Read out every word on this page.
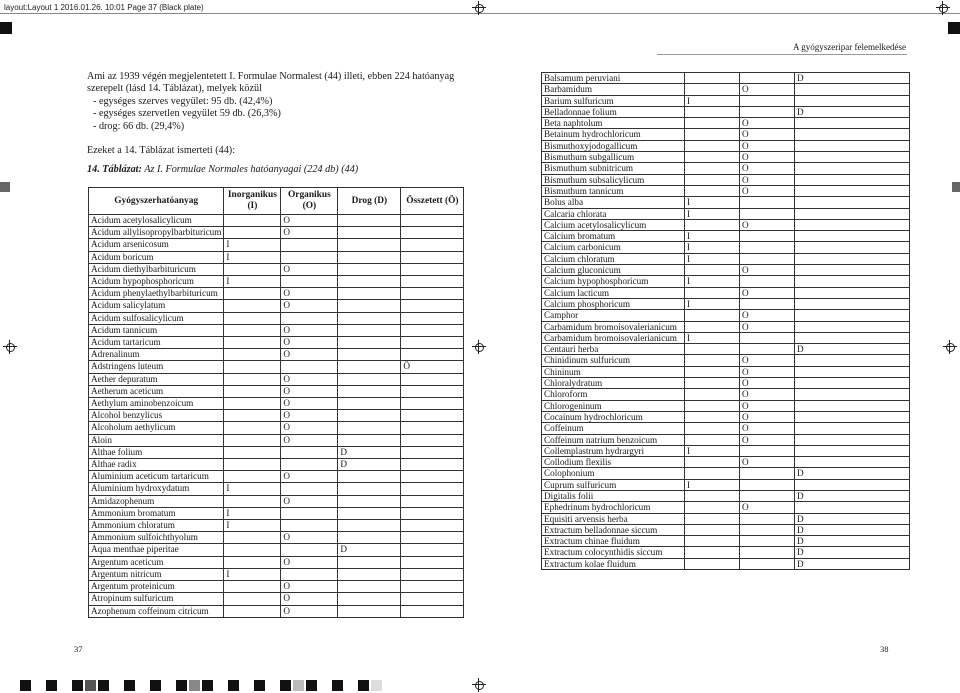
layout:Layout 1 2016.01.26. 10:01 Page 37 (Black plate)
A gyógyszeripar felemelkedése
Ami az 1939 végén megjelentetett I. Formulae Normalest (44) illeti, ebben 224 hatóanyag
szerepelt (lásd 14. Táblázat), melyek közül
- egységes szerves vegyület: 95 db. (42,4%)
- egységes szervetlen vegyület 59 db. (26,3%)
- drog: 66 db. (29,4%)
Ezeket a 14. Táblázat ismerteti (44):
14. Táblázat: Az I. Formulae Normales hatóanyagai (224 db) (44)
Gyógyszerhatóanyag	Inorganikus (I)	Organikus (O)	Drog (D)	Összetett (Ö)
Acidum acetylosalicylicum		O		
Acidum allylisopropylbarbituricum		O		
Acidum arsenicosum	I			
Acidum boricum	I			
Acidum diethylbarbituricum		O		
Acidum hypophosphoricum	I			
Acidum phenylaethylbarbituricum		O		
Acidum salicylatum		O		
Acidum sulfosalicylicum				
Acidum tannicum		O		
Acidum tartaricum		O		
Adrenalinum		O		
Adstringens luteum				Ö
Aether depuratum		O		
Aetherum aceticum		O		
Aethylum aminobenzoicum		O		
Alcohol benzylicus		O		
Alcoholum aethylicum		O		
Aloin		O		
Althae folium			D	
Althae radix			D	
Aluminium aceticum tartaricum		O		
Aluminium hydroxydatum	I			
Amidazophenum		O		
Ammonium bromatum	I			
Ammonium chloratum	I			
Ammonium sulfoichthyolum		O		
Aqua menthae piperitae			D	
Argentum aceticum		O		
Argentum nitricum	I			
Argentum proteinicum		O		
Atropinum sulfuricum		O		
Azophenum coffeinum citricum		O		
Balsamum peruviani			D
Barbamidum		O	
Barium sulfuricum	I		
Belladonnae folium			D
Beta naphtolum		O	
Betainum hydrochloricum		O	
Bismuthoxyjodogallicum		O	
Bismuthum subgallicum		O	
Bismuthum subnitricum		O	
Bismuthum subsalicylicum		O	
Bismuthum tannicum		O	
Bolus alba	I		
Calcaria chlorata	I		
Calcium acetylosalicylicum		O	
Calcium bromatum	I		
Calcium carbonicum	I		
Calcium chloratum	I		
Calcium gluconicum		O	
Calcium hypophosphoricum	I		
Calcium lacticum		O	
Calcium phosphoricum	I		
Camphor		O	
Carbamidum bromoisovalerianicum		O	
Carbamidum bromoisovalerianicum	I		
Centauri herba			D
Chinidinum sulfuricum		O	
Chininum		O	
Chloralydratum		O	
Chloroform		O	
Chlorogeninum		O	
Cocainum hydrochloricum		O	
Coffeinum		O	
Coffeinum natrium benzoicum		O	
Collemplastrum hydrargyri	I		
Collodium flexilis		O	
Colophonium			D
Cuprum sulfuricum	I		
Digitalis folii			D
Ephedrinum hydrochloricum		O	
Equisiti arvensis herba			D
Extractum belladonnae siccum			D
Extractum chinae fluidum			D
Extractum colocynthidis siccum			D
Extractum kolae fluidum			D
37	38
